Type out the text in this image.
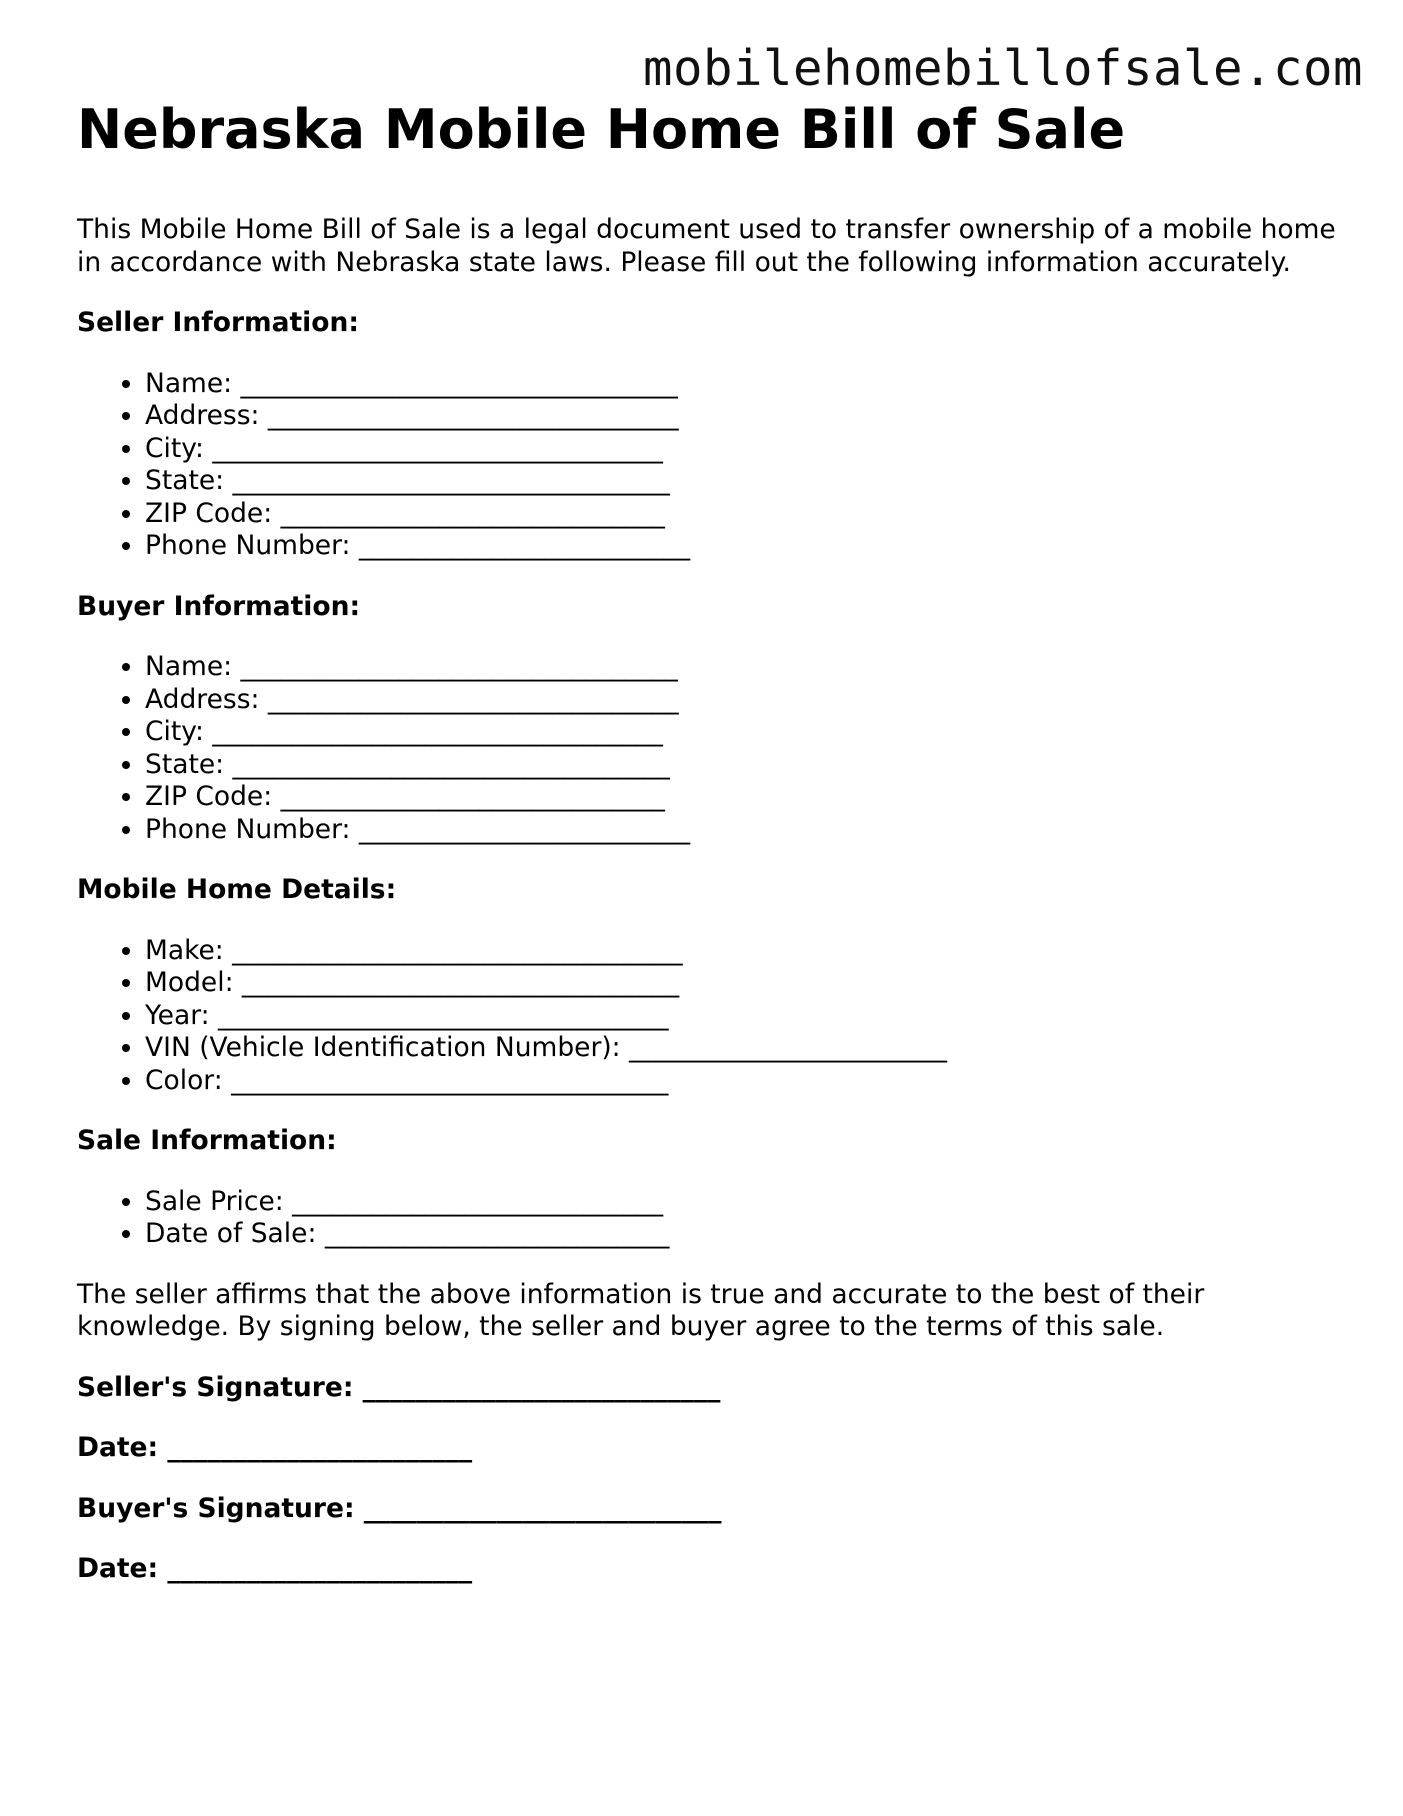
mobilehomebillofsale.com
Nebraska Mobile Home Bill of Sale

This Mobile Home Bill of Sale is a legal document used to transfer ownership of a mobile home in accordance with Nebraska state laws. Please fill out the following information accurately.

Seller Information:

• Name: _________________________________
• Address: _______________________________
• City: __________________________________
• State: _________________________________
• ZIP Code: _____________________________
• Phone Number: _________________________

Buyer Information:

• Name: _________________________________
• Address: _______________________________
• City: __________________________________
• State: _________________________________
• ZIP Code: _____________________________
• Phone Number: _________________________

Mobile Home Details:

• Make: __________________________________
• Model: _________________________________
• Year: __________________________________
• VIN (Vehicle Identification Number): ________________________
• Color: _________________________________

Sale Information:

• Sale Price: ____________________________
• Date of Sale: __________________________

The seller affirms that the above information is true and accurate to the best of their knowledge. By signing below, the seller and buyer agree to the terms of this sale.

Seller's Signature: ___________________________

Date: _______________________

Buyer's Signature: ___________________________

Date: _______________________
